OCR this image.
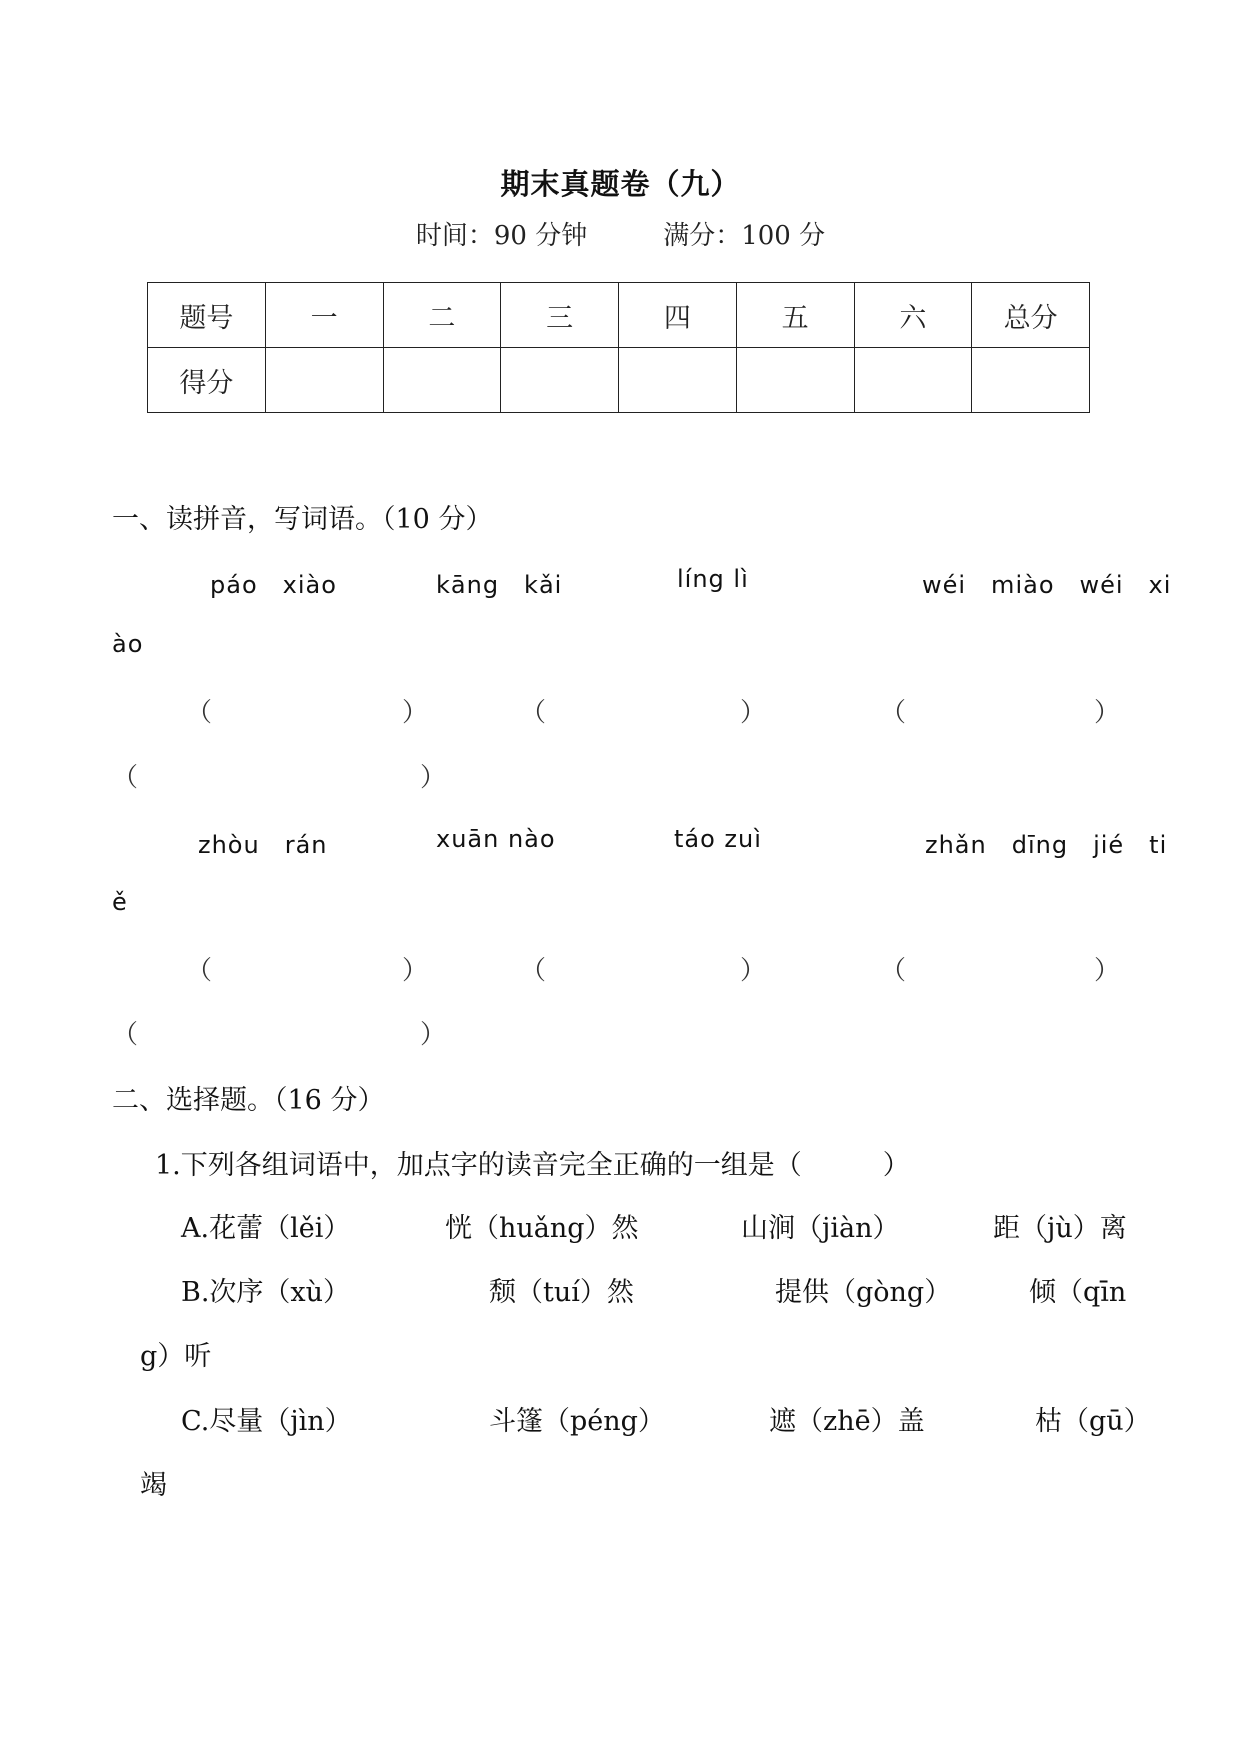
期末真题卷（九）
时间：90 分钟	满分：100 分
题号	一	二	三	四	五	六	总分
得分							
一、读拼音，写词语。（10 分）
páo　xiào	kāng　kǎi	líng lì	wéi　miào　wéi　xi
ào
（	）	（	）	（	）
（	）
zhòu　rán	xuān nào	táo zuì	zhǎn　dīng　jié　ti
ě
（	）	（	）	（	）
（	）
二、选择题。（16 分）
1.下列各组词语中，加点字的读音完全正确的一组是（　　　）
A.花蕾（lěi）	恍（huǎng）然	山涧（jiàn）	距（jù）离
B.次序（xù）	颓（tuí）然	提供（gòng）	倾（qīn
g）听
C.尽量（jìn）	斗篷（péng）	遮（zhē）盖	枯（gū）
竭
